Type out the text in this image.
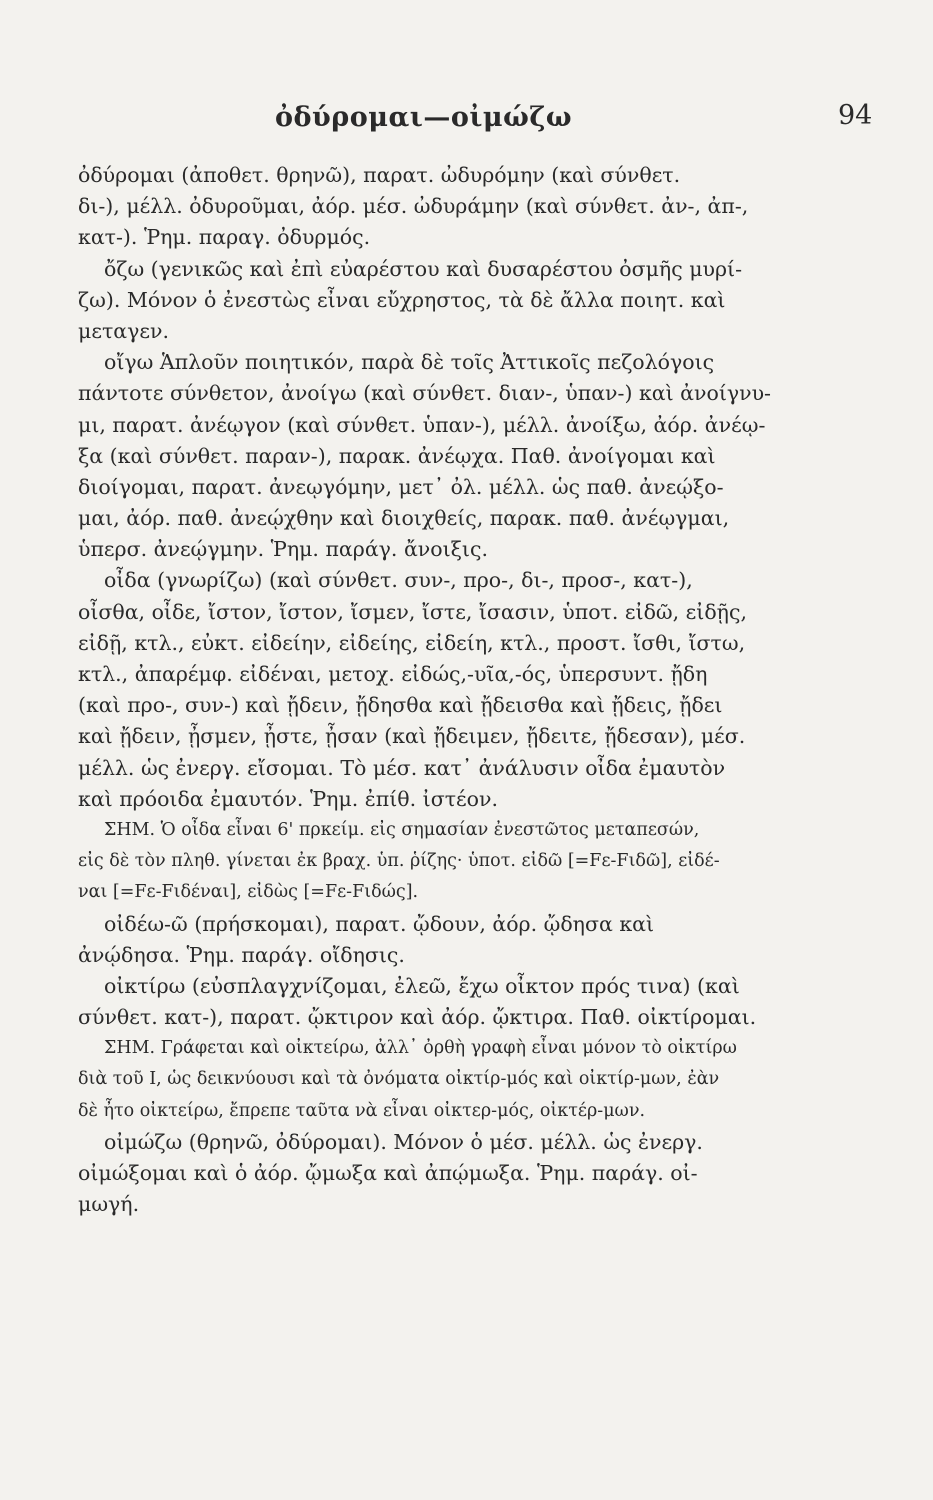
ὀδύρομαι—οἰμώζω	94
ὀδύρομαι (ἀποθετ. θρηνῶ), παρατ. ὠδυρόμην (καὶ σύνθετ.
δι-), μέλλ. ὀδυροῦμαι, ἀόρ. μέσ. ὠδυράμην (καὶ σύνθετ. ἀν-, ἀπ-,
κατ-). Ῥημ. παραγ. ὀδυρμός.
ὄζω (γενικῶς καὶ ἐπὶ εὐαρέστου καὶ δυσαρέστου ὀσμῆς μυρί-
ζω). Μόνον ὁ ἐνεστὼς εἶναι εὔχρηστος, τὰ δὲ ἄλλα ποιητ. καὶ
μεταγεν.
οἴγω Ἁπλοῦν ποιητικόν, παρὰ δὲ τοῖς Ἀττικοῖς πεζολόγοις
πάντοτε σύνθετον, ἀνοίγω (καὶ σύνθετ. διαν-, ὑπαν-) καὶ ἀνοίγνυ-
μι, παρατ. ἀνέῳγον (καὶ σύνθετ. ὑπαν-), μέλλ. ἀνοίξω, ἀόρ. ἀνέῳ-
ξα (καὶ σύνθετ. παραν-), παρακ. ἀνέῳχα. Παθ. ἀνοίγομαι καὶ
διοίγομαι, παρατ. ἀνεῳγόμην, μετ᾽ ὀλ. μέλλ. ὡς παθ. ἀνεῴξο-
μαι, ἀόρ. παθ. ἀνεῴχθην καὶ διοιχθείς, παρακ. παθ. ἀνέῳγμαι,
ὑπερσ. ἀνεῴγμην. Ῥημ. παράγ. ἄνοιξις.
οἶδα (γνωρίζω) (καὶ σύνθετ. συν-, προ-, δι-, προσ-, κατ-),
οἶσθα, οἶδε, ἴστον, ἴστον, ἴσμεν, ἴστε, ἴσασιν, ὑποτ. εἰδῶ, εἰδῇς,
εἰδῇ, κτλ., εὐκτ. εἰδείην, εἰδείης, εἰδείη, κτλ., προστ. ἴσθι, ἴστω,
κτλ., ἀπαρέμφ. εἰδέναι, μετοχ. εἰδώς,-υῖα,-ός, ὑπερσυντ. ᾔδη
(καὶ προ-, συν-) καὶ ᾔδειν, ᾔδησθα καὶ ᾔδεισθα καὶ ᾔδεις, ᾔδει
καὶ ᾔδειν, ᾖσμεν, ᾖστε, ᾖσαν (καὶ ᾔδειμεν, ᾔδειτε, ᾔδεσαν), μέσ.
μέλλ. ὡς ἐνεργ. εἴσομαι. Τὸ μέσ. κατ᾽ ἀνάλυσιν οἶδα ἐμαυτὸν
καὶ πρόοιδα ἐμαυτόν. Ῥημ. ἐπίθ. ἰστέον.
ΣΗΜ. Ὁ οἶδα εἶναι 6' πρκείμ. εἰς σημασίαν ἐνεστῶτος μεταπεσών,
εἰς δὲ τὸν πληθ. γίνεται ἐκ βραχ. ὑπ. ῥίζης· ὑποτ. εἰδῶ [=Fε-Fιδῶ], εἰδέ-
ναι [=Fε-Fιδέναι], εἰδὼς [=Fε-Fιδώς].
οἰδέω-ῶ (πρήσκομαι), παρατ. ᾤδουν, ἀόρ. ᾤδησα καὶ
ἀνῴδησα. Ῥημ. παράγ. οἴδησις.
οἰκτίρω (εὐσπλαγχνίζομαι, ἐλεῶ, ἔχω οἶκτον πρός τινα) (καὶ
σύνθετ. κατ-), παρατ. ᾤκτιρον καὶ ἀόρ. ᾤκτιρα. Παθ. οἰκτίρομαι.
ΣΗΜ. Γράφεται καὶ οἰκτείρω, ἀλλ᾽ ὀρθὴ γραφὴ εἶναι μόνον τὸ οἰκτίρω
διὰ τοῦ Ι, ὡς δεικνύουσι καὶ τὰ ὀνόματα οἰκτίρ-μός καὶ οἰκτίρ-μων, ἐὰν
δὲ ἦτο οἰκτείρω, ἔπρεπε ταῦτα νὰ εἶναι οἰκτερ-μός, οἰκτέρ-μων.
οἰμώζω (θρηνῶ, ὀδύρομαι). Μόνον ὁ μέσ. μέλλ. ὡς ἐνεργ.
οἰμώξομαι καὶ ὁ ἀόρ. ᾤμωξα καὶ ἀπῴμωξα. Ῥημ. παράγ. οἰ-
μωγή.
